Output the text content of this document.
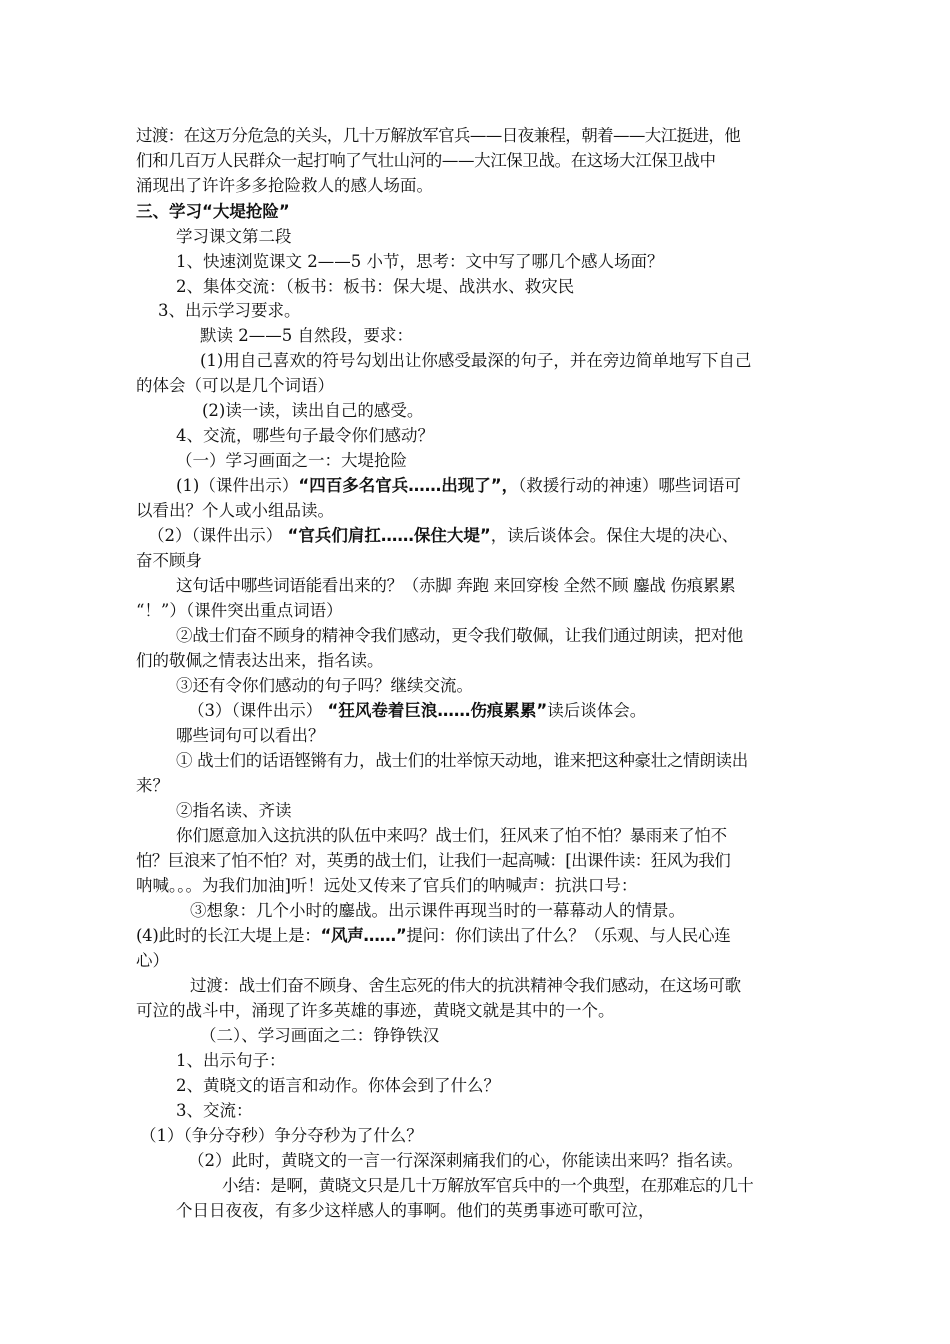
过渡：在这万分危急的关头，几十万解放军官兵——日夜兼程，朝着——大江挺进，他
们和几百万人民群众一起打响了气壮山河的——大江保卫战。在这场大江保卫战中
涌现出了许许多多抢险救人的感人场面。
三、学习“大堤抢险”
学习课文第二段
1、快速浏览课文 2——5 小节，思考：文中写了哪几个感人场面？
2、集体交流：（板书：板书：保大堤、战洪水、救灾民
3、出示学习要求。
默读 2——5 自然段，要求：
(1)用自己喜欢的符号勾划出让你感受最深的句子，并在旁边简单地写下自己
的体会（可以是几个词语）
(2)读一读，读出自己的感受。
4、交流，哪些句子最令你们感动？
（一）学习画面之一：大堤抢险
(1)（课件出示）“四百多名官兵……出现了”，（救援行动的神速）哪些词语可
以看出？个人或小组品读。
（2）（课件出示） “官兵们肩扛……保住大堤”，读后谈体会。保住大堤的决心、
奋不顾身
这句话中哪些词语能看出来的？（赤脚 奔跑 来回穿梭 全然不顾 鏖战 伤痕累累
“！”）（课件突出重点词语）
②战士们奋不顾身的精神令我们感动，更令我们敬佩，让我们通过朗读，把对他
们的敬佩之情表达出来，指名读。
③还有令你们感动的句子吗？继续交流。
（3）（课件出示） “狂风卷着巨浪……伤痕累累”读后谈体会。
哪些词句可以看出？
① 战士们的话语铿锵有力，战士们的壮举惊天动地，谁来把这种豪壮之情朗读出
来？
②指名读、齐读
你们愿意加入这抗洪的队伍中来吗？战士们，狂风来了怕不怕？暴雨来了怕不
怕？巨浪来了怕不怕？对，英勇的战士们，让我们一起高喊：[出课件读：狂风为我们
呐喊。。。为我们加油]听！远处又传来了官兵们的呐喊声：抗洪口号：
③想象：几个小时的鏖战。出示课件再现当时的一幕幕动人的情景。
(4)此时的长江大堤上是：“风声……”提问：你们读出了什么？（乐观、与人民心连
心）
过渡：战士们奋不顾身、舍生忘死的伟大的抗洪精神令我们感动，在这场可歌
可泣的战斗中，涌现了许多英雄的事迹，黄晓文就是其中的一个。
（二）、学习画面之二：铮铮铁汉
1、出示句子：
2、黄晓文的语言和动作。你体会到了什么？
3、交流：
（1）（争分夺秒）争分夺秒为了什么？
（2）此时，黄晓文的一言一行深深刺痛我们的心，你能读出来吗？指名读。
小结：是啊，黄晓文只是几十万解放军官兵中的一个典型，在那难忘的几十
个日日夜夜，有多少这样感人的事啊。他们的英勇事迹可歌可泣，
